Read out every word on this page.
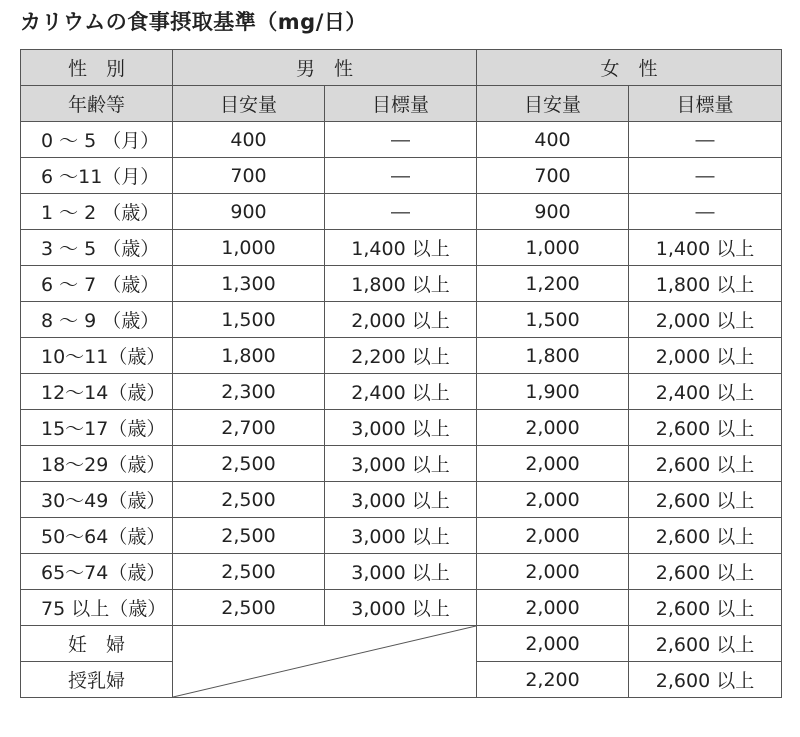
カリウムの食事摂取基準（mg/日）
性　別	男　性		女　性	
年齢等	目安量	目標量	目安量	目標量
0 ～ 5 （月）	400	―	400	―
6 ～11（月）	700	―	700	―
1 ～ 2 （歳）	900	―	900	―
3 ～ 5 （歳）	1,000	1,400 以上	1,000	1,400 以上
6 ～ 7 （歳）	1,300	1,800 以上	1,200	1,800 以上
8 ～ 9 （歳）	1,500	2,000 以上	1,500	2,000 以上
10～11（歳）	1,800	2,200 以上	1,800	2,000 以上
12～14（歳）	2,300	2,400 以上	1,900	2,400 以上
15～17（歳）	2,700	3,000 以上	2,000	2,600 以上
18～29（歳）	2,500	3,000 以上	2,000	2,600 以上
30～49（歳）	2,500	3,000 以上	2,000	2,600 以上
50～64（歳）	2,500	3,000 以上	2,000	2,600 以上
65～74（歳）	2,500	3,000 以上	2,000	2,600 以上
75 以上（歳）	2,500	3,000 以上	2,000	2,600 以上
妊　婦			2,000	2,600 以上
授乳婦			2,200	2,600 以上
